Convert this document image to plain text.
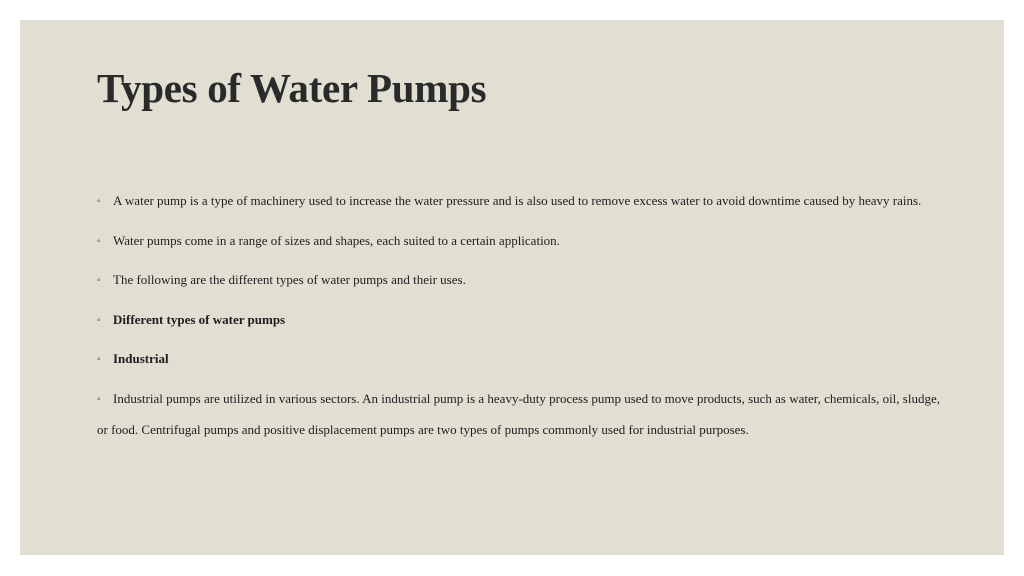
Types of Water Pumps

◦ A water pump is a type of machinery used to increase the water pressure and is also used to remove excess water to avoid downtime caused by heavy rains.

◦ Water pumps come in a range of sizes and shapes, each suited to a certain application.

◦ The following are the different types of water pumps and their uses.

◦ Different types of water pumps

◦ Industrial

◦ Industrial pumps are utilized in various sectors. An industrial pump is a heavy-duty process pump used to move products, such as water, chemicals, oil, sludge, or food. Centrifugal pumps and positive displacement pumps are two types of pumps commonly used for industrial purposes.
